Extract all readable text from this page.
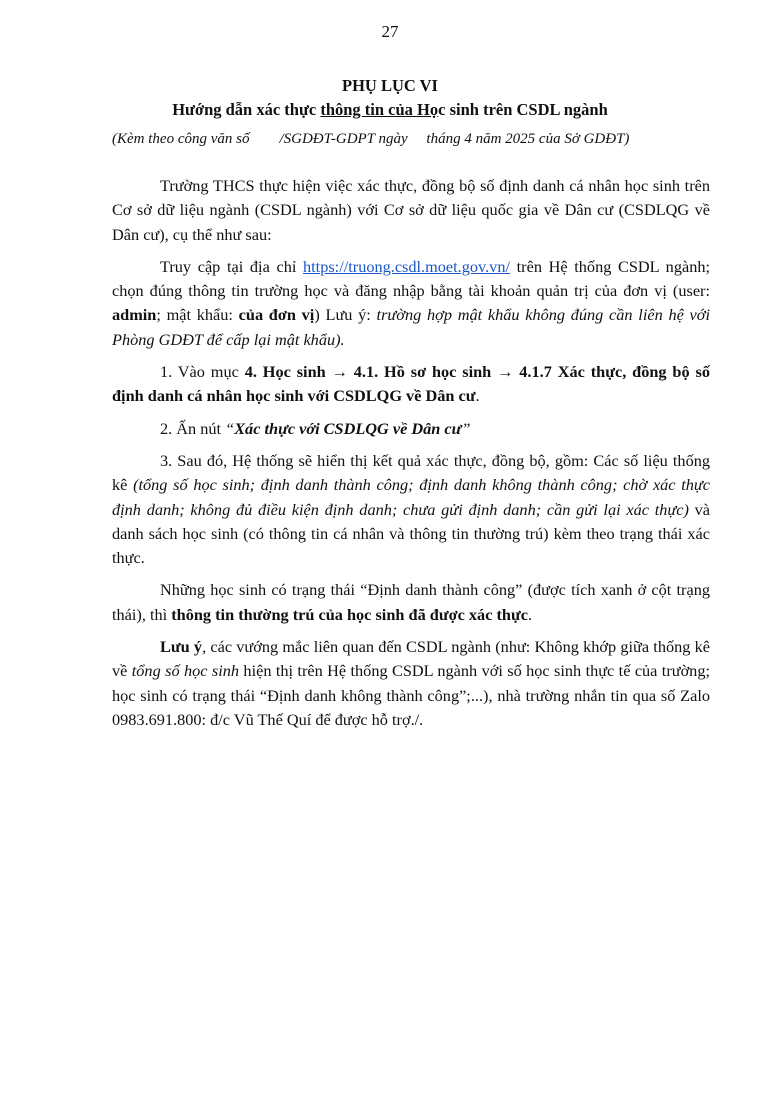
27
PHỤ LỤC VI
Hướng dẫn xác thực thông tin của Học sinh trên CSDL ngành
(Kèm theo công văn số        /SGDĐT-GDPT ngày     tháng 4 năm 2025 của Sở GDĐT)

Trường THCS thực hiện việc xác thực, đồng bộ số định danh cá nhân học sinh trên Cơ sở dữ liệu ngành (CSDL ngành) với Cơ sở dữ liệu quốc gia về Dân cư (CSDLQG về Dân cư), cụ thể như sau:

Truy cập tại địa chỉ https://truong.csdl.moet.gov.vn/ trên Hệ thống CSDL ngành; chọn đúng thông tin trường học và đăng nhập bằng tài khoản quản trị của đơn vị (user: admin; mật khẩu: của đơn vị) Lưu ý: trường hợp mật khẩu không đúng cần liên hệ với Phòng GDĐT để cấp lại mật khẩu).

1. Vào mục 4. Học sinh → 4.1. Hồ sơ học sinh → 4.1.7 Xác thực, đồng bộ số định danh cá nhân học sinh với CSDLQG về Dân cư.

2. Ấn nút “Xác thực với CSDLQG về Dân cư”

3. Sau đó, Hệ thống sẽ hiển thị kết quả xác thực, đồng bộ, gồm: Các số liệu thống kê (tổng số học sinh; định danh thành công; định danh không thành công; chờ xác thực định danh; không đủ điều kiện định danh; chưa gửi định danh; cần gửi lại xác thực) và danh sách học sinh (có thông tin cá nhân và thông tin thường trú) kèm theo trạng thái xác thực.

Những học sinh có trạng thái “Định danh thành công” (được tích xanh ở cột trạng thái), thì thông tin thường trú của học sinh đã được xác thực.

Lưu ý, các vướng mắc liên quan đến CSDL ngành (như: Không khớp giữa thống kê về tổng số học sinh hiện thị trên Hệ thống CSDL ngành với số học sinh thực tế của trường; học sinh có trạng thái “Định danh không thành công”;...), nhà trường nhắn tin qua số Zalo 0983.691.800: đ/c Vũ Thế Quí để được hỗ trợ./.
